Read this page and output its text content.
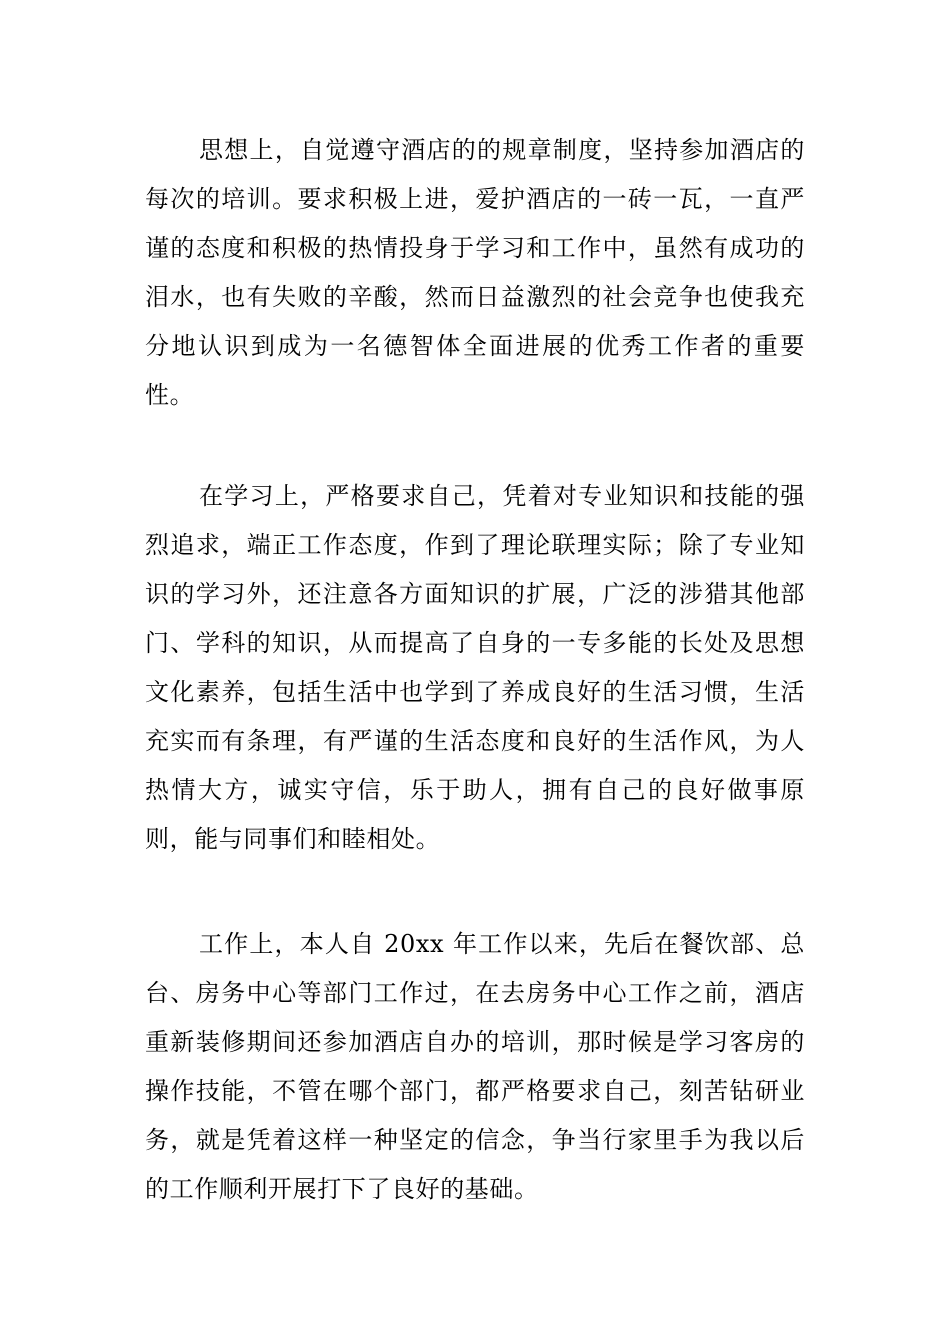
思想上，自觉遵守酒店的的规章制度，坚持参加酒店的每次的培训。要求积极上进，爱护酒店的一砖一瓦，一直严谨的态度和积极的热情投身于学习和工作中，虽然有成功的泪水，也有失败的辛酸，然而日益激烈的社会竞争也使我充分地认识到成为一名德智体全面进展的优秀工作者的重要性。

在学习上，严格要求自己，凭着对专业知识和技能的强烈追求，端正工作态度，作到了理论联理实际；除了专业知识的学习外，还注意各方面知识的扩展，广泛的涉猎其他部门、学科的知识，从而提高了自身的一专多能的长处及思想文化素养，包括生活中也学到了养成良好的生活习惯，生活充实而有条理，有严谨的生活态度和良好的生活作风，为人热情大方，诚实守信，乐于助人，拥有自己的良好做事原则，能与同事们和睦相处。

工作上，本人自 20xx 年工作以来，先后在餐饮部、总台、房务中心等部门工作过，在去房务中心工作之前，酒店重新装修期间还参加酒店自办的培训，那时候是学习客房的操作技能，不管在哪个部门，都严格要求自己，刻苦钻研业务，就是凭着这样一种坚定的信念，争当行家里手为我以后的工作顺利开展打下了良好的基础。
